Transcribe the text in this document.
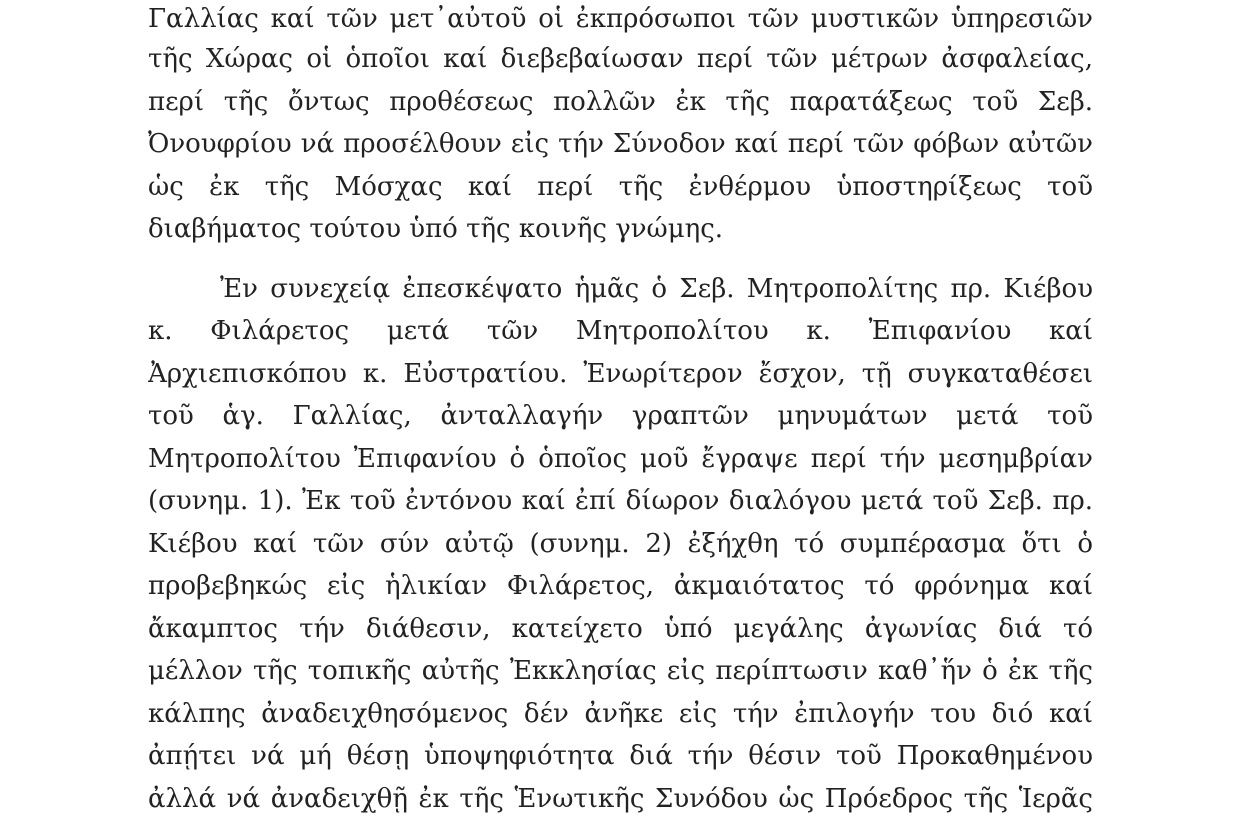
Γαλλίας καί τῶν μετ᾽αὐτοῦ οἱ ἐκπρόσωποι τῶν μυστικῶν ὑπηρεσιῶν
τῆς Χώρας οἱ ὁποῖοι καί διεβεβαίωσαν περί τῶν μέτρων ἀσφαλείας,
περί τῆς ὄντως προθέσεως πολλῶν ἐκ τῆς παρατάξεως τοῦ Σεβ.
Ὀνουφρίου νά προσέλθουν εἰς τήν Σύνοδον καί περί τῶν φόβων αὐτῶν
ὡς ἐκ τῆς Μόσχας καί περί τῆς ἐνθέρμου ὑποστηρίξεως τοῦ
διαβήματος τούτου ὑπό τῆς κοινῆς γνώμης.
Ἐν συνεχείᾳ ἐπεσκέψατο ἡμᾶς ὁ Σεβ. Μητροπολίτης πρ. Κιέβου
κ. Φιλάρετος μετά τῶν Μητροπολίτου κ. Ἐπιφανίου καί
Ἀρχιεπισκόπου κ. Εὐστρατίου. Ἐνωρίτερον ἔσχον, τῇ συγκαταθέσει
τοῦ ἁγ. Γαλλίας, ἀνταλλαγήν γραπτῶν μηνυμάτων μετά τοῦ
Μητροπολίτου Ἐπιφανίου ὁ ὁποῖος μοῦ ἔγραψε περί τήν μεσημβρίαν
(συνημ. 1). Ἐκ τοῦ ἐντόνου καί ἐπί δίωρον διαλόγου μετά τοῦ Σεβ. πρ.
Κιέβου καί τῶν σύν αὐτῷ (συνημ. 2) ἐξήχθη τό συμπέρασμα ὅτι ὁ
προβεβηκώς εἰς ἡλικίαν Φιλάρετος, ἀκμαιότατος τό φρόνημα καί
ἄκαμπτος τήν διάθεσιν, κατείχετο ὑπό μεγάλης ἀγωνίας διά τό
μέλλον τῆς τοπικῆς αὐτῆς Ἐκκλησίας εἰς περίπτωσιν καθ᾽ἥν ὁ ἐκ τῆς
κάλπης ἀναδειχθησόμενος δέν ἀνῆκε εἰς τήν ἐπιλογήν του διό καί
ἀπῄτει νά μή θέσῃ ὑποψηφιότητα διά τήν θέσιν τοῦ Προκαθημένου
ἀλλά νά ἀναδειχθῇ ἐκ τῆς Ἑνωτικῆς Συνόδου ὡς Πρόεδρος τῆς Ἱερᾶς
